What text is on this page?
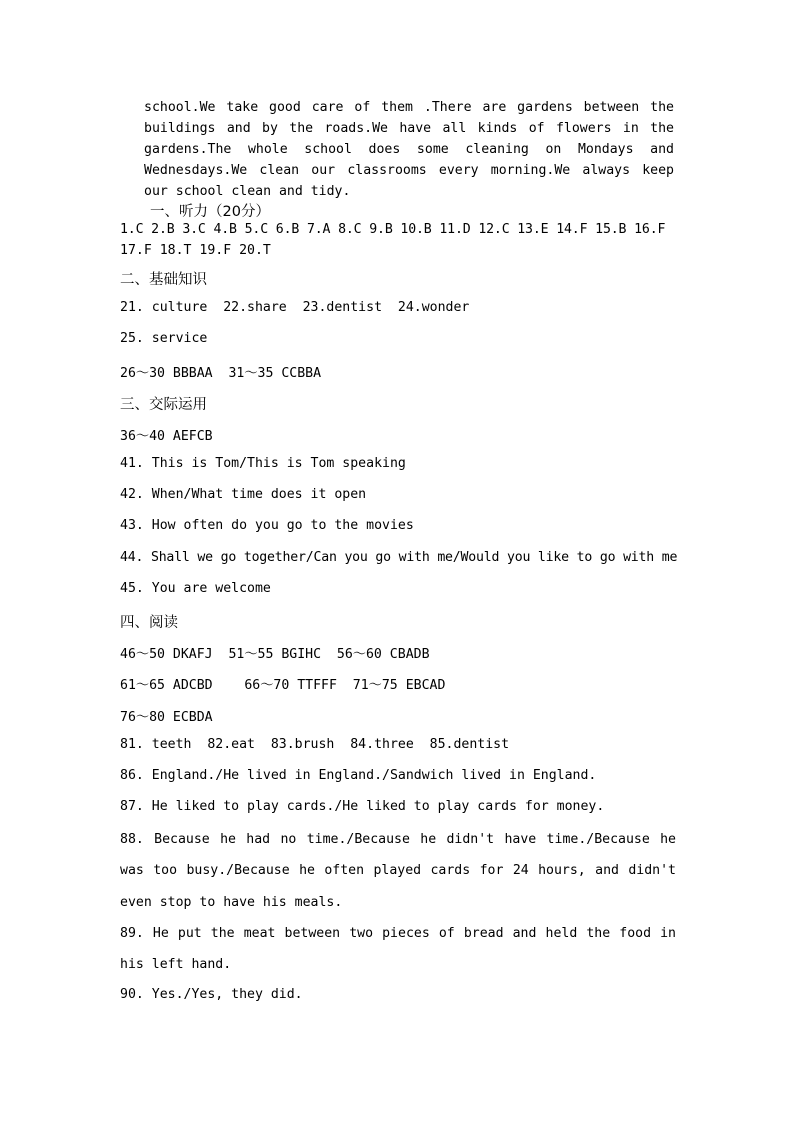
school.We take good care of them .There are gardens between the buildings and by the roads.We have all kinds of flowers in the gardens.The whole school does some cleaning on Mondays and Wednesdays.We clean our classrooms every morning.We always keep our school clean and tidy.

一、听力（20分）
1.C 2.B 3.C 4.B 5.C 6.B 7.A 8.C 9.B 10.B 11.D 12.C 13.E 14.F 15.B 16.F
17.F 18.T 19.F 20.T
二、基础知识
21. culture  22.share  23.dentist  24.wonder
25. service
26～30 BBBAA  31～35 CCBBA
三、交际运用
36～40 AEFCB
41. This is Tom/This is Tom speaking
42. When/What time does it open
43. How often do you go to the movies
44. Shall we go together/Can you go with me/Would you like to go with me
45. You are welcome
四、阅读
46～50 DKAFJ  51～55 BGIHC  56～60 CBADB
61～65 ADCBD    66～70 TTFFF  71～75 EBCAD
76～80 ECBDA
81. teeth  82.eat  83.brush  84.three  85.dentist
86. England./He lived in England./Sandwich lived in England.
87. He liked to play cards./He liked to play cards for money.

88. Because he had no time./Because he didn't have time./Because he was too busy./Because he often played cards for 24 hours, and didn't even stop to have his meals.

89. He put the meat between two pieces of bread and held the food in his left hand.

90. Yes./Yes, they did.
